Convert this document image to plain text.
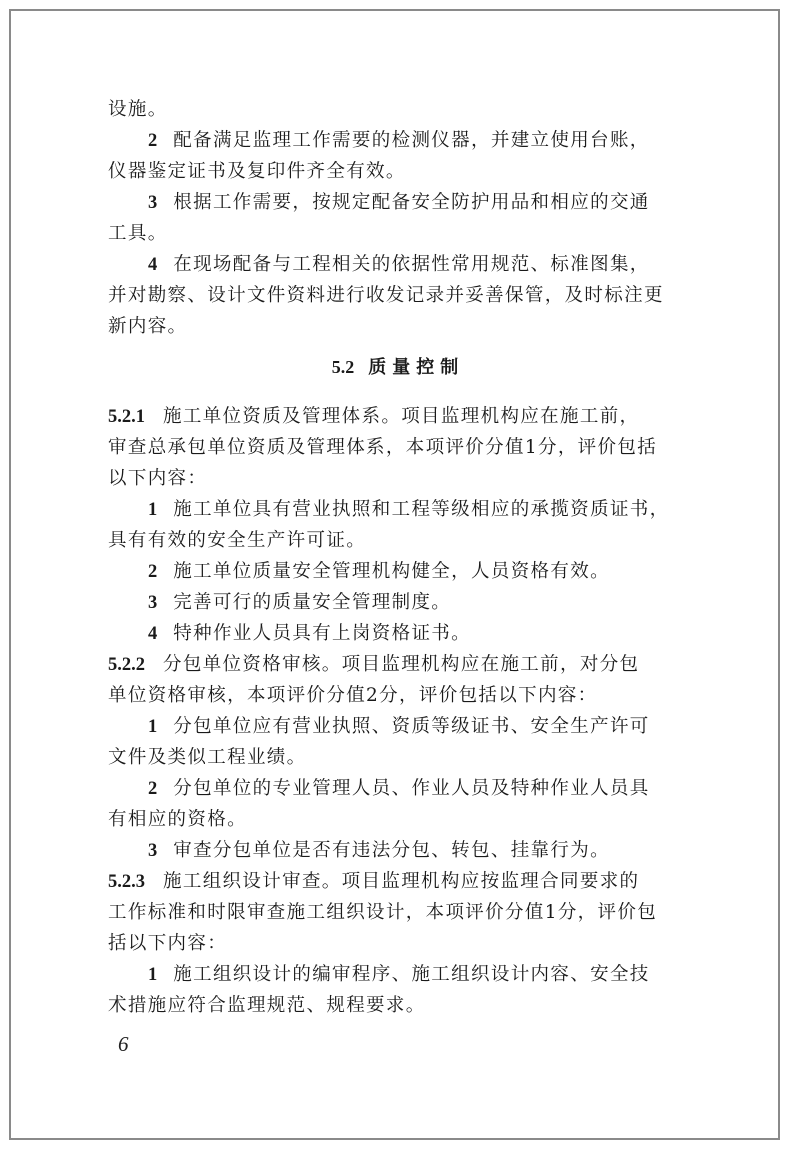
设施。
2 配备满足监理工作需要的检测仪器，并建立使用台账，
仪器鉴定证书及复印件齐全有效。
3 根据工作需要，按规定配备安全防护用品和相应的交通
工具。
4 在现场配备与工程相关的依据性常用规范、标准图集，
并对勘察、设计文件资料进行收发记录并妥善保管，及时标注更
新内容。
5.2 质量控制
5.2.1 施工单位资质及管理体系。项目监理机构应在施工前，
审查总承包单位资质及管理体系，本项评价分值1分，评价包括
以下内容：
1 施工单位具有营业执照和工程等级相应的承揽资质证书，
具有有效的安全生产许可证。
2 施工单位质量安全管理机构健全，人员资格有效。
3 完善可行的质量安全管理制度。
4 特种作业人员具有上岗资格证书。
5.2.2 分包单位资格审核。项目监理机构应在施工前，对分包
单位资格审核，本项评价分值2分，评价包括以下内容：
1 分包单位应有营业执照、资质等级证书、安全生产许可
文件及类似工程业绩。
2 分包单位的专业管理人员、作业人员及特种作业人员具
有相应的资格。
3 审查分包单位是否有违法分包、转包、挂靠行为。
5.2.3 施工组织设计审查。项目监理机构应按监理合同要求的
工作标准和时限审查施工组织设计，本项评价分值1分，评价包
括以下内容：
1 施工组织设计的编审程序、施工组织设计内容、安全技
术措施应符合监理规范、规程要求。
6
